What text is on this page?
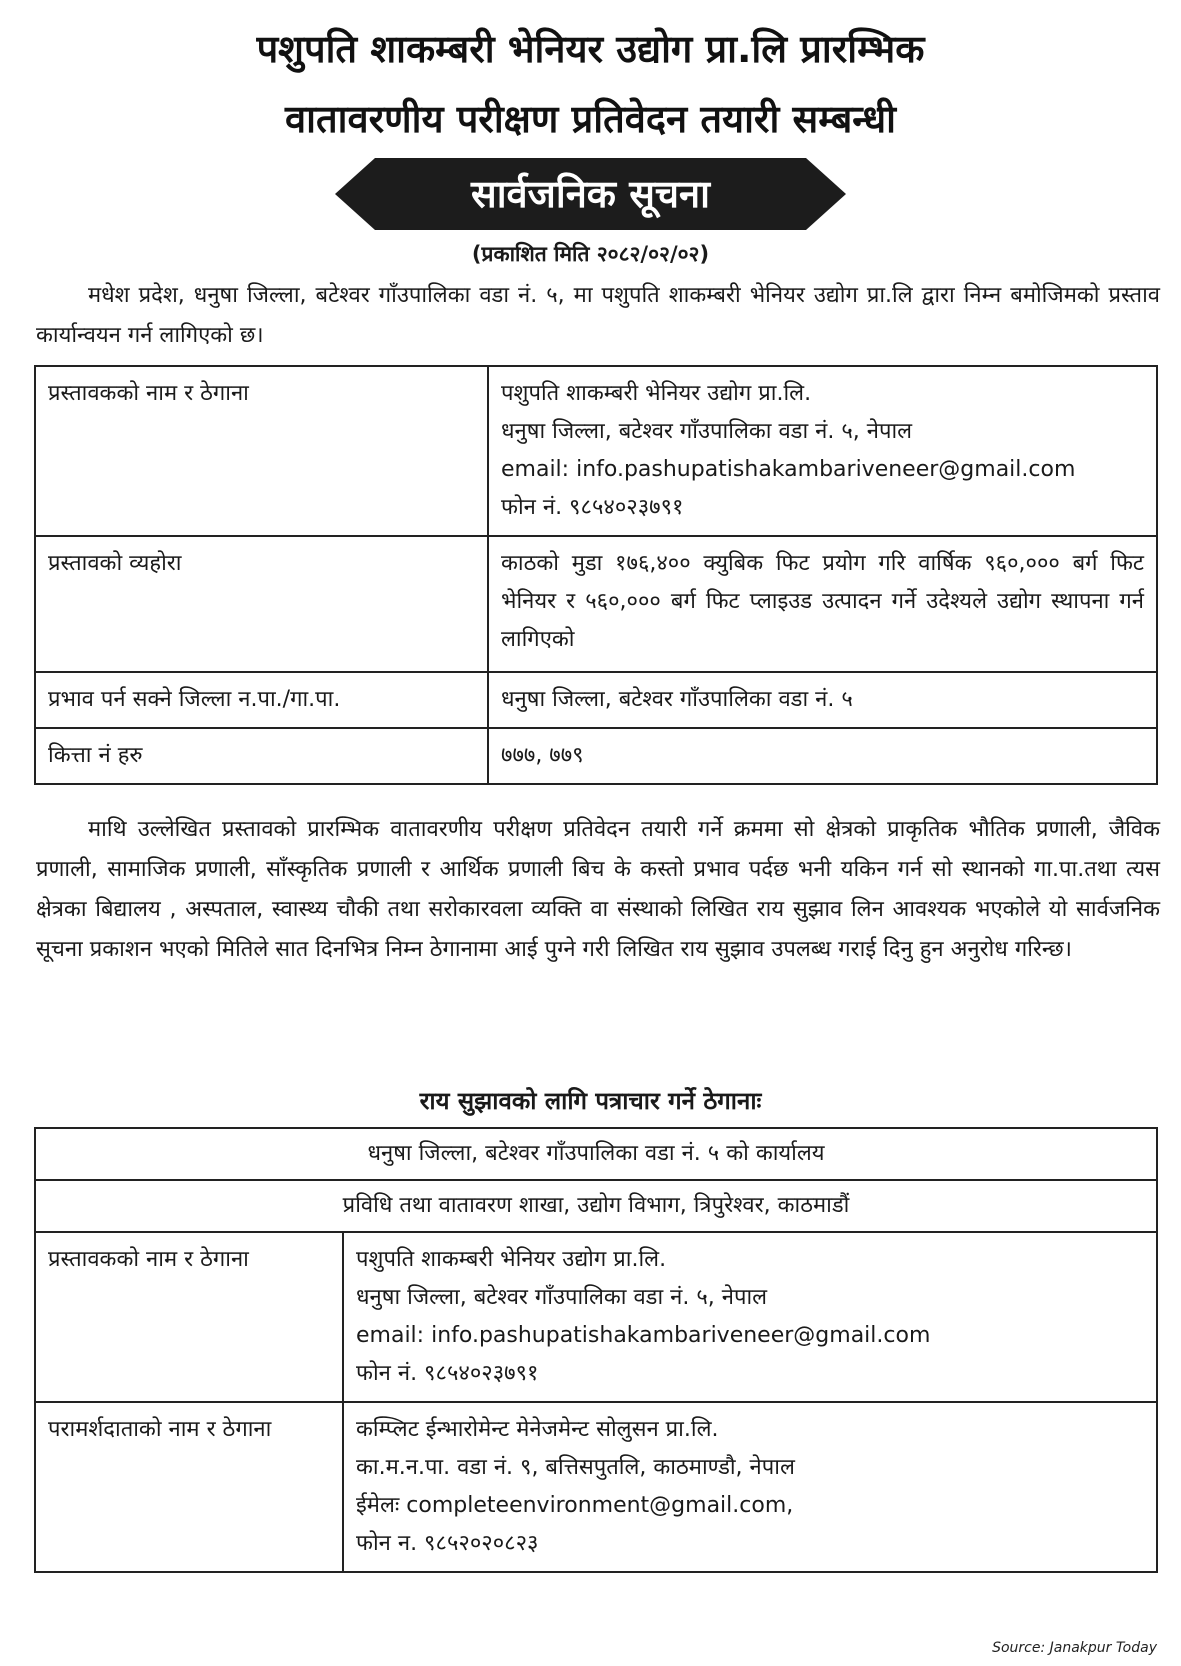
पशुपति शाकम्बरी भेनियर उद्योग प्रा.लि प्रारम्भिक
वातावरणीय परीक्षण प्रतिवेदन तयारी सम्बन्धी
सार्वजनिक सूचना
(प्रकाशित मिति २०८२/०२/०२)
मधेश प्रदेश, धनुषा जिल्ला, बटेश्वर गाँउपालिका वडा नं. ५, मा पशुपति शाकम्बरी भेनियर उद्योग प्रा.लि द्वारा निम्न बमोजिमको प्रस्ताव कार्यान्वयन गर्न लागिएको छ।
प्रस्तावकको नाम र ठेगाना	पशुपति शाकम्बरी भेनियर उद्योग प्रा.लि.
धनुषा जिल्ला, बटेश्वर गाँउपालिका वडा नं. ५, नेपाल
email: info.pashupatishakambariveneer@gmail.com
फोन नं. ९८५४०२३७९१

प्रस्तावको व्यहोरा	काठको मुडा १७६,४०० क्युबिक फिट प्रयोग गरि वार्षिक ९६०,००० बर्ग फिट भेनियर र ५६०,००० बर्ग फिट प्लाइउड उत्पादन गर्ने उदेश्यले उद्योग स्थापना गर्न लागिएको
प्रभाव पर्न सक्ने जिल्ला न.पा./गा.पा.	धनुषा जिल्ला, बटेश्वर गाँउपालिका वडा नं. ५
कित्ता नं हरु	७७७, ७७९
माथि उल्लेखित प्रस्तावको प्रारम्भिक वातावरणीय परीक्षण प्रतिवेदन तयारी गर्ने क्रममा सो क्षेत्रको प्राकृतिक भौतिक प्रणाली, जैविक प्रणाली, सामाजिक प्रणाली, साँस्कृतिक प्रणाली र आर्थिक प्रणाली बिच के कस्तो प्रभाव पर्दछ भनी यकिन गर्न सो स्थानको गा.पा.तथा त्यस क्षेत्रका बिद्यालय , अस्पताल, स्वास्थ्य चौकी तथा सरोकारवला व्यक्ति वा संस्थाको लिखित राय सुझाव लिन आवश्यक भएकोले यो सार्वजनिक सूचना प्रकाशन भएको मितिले सात दिनभित्र निम्न ठेगानामा आई पुग्ने गरी लिखित राय सुझाव उपलब्ध गराई दिनु हुन अनुरोध गरिन्छ।
राय सुझावको लागि पत्राचार गर्ने ठेगानाः
धनुषा जिल्ला, बटेश्वर गाँउपालिका वडा नं. ५ को कार्यालय	
प्रविधि तथा वातावरण शाखा, उद्योग विभाग, त्रिपुरेश्वर, काठमाडौं	
प्रस्तावकको नाम र ठेगाना	पशुपति शाकम्बरी भेनियर उद्योग प्रा.लि.
धनुषा जिल्ला, बटेश्वर गाँउपालिका वडा नं. ५, नेपाल
email: info.pashupatishakambariveneer@gmail.com
फोन नं. ९८५४०२३७९१

परामर्शदाताको नाम र ठेगाना	कम्प्लिट ईन्भारोमेन्ट मेनेजमेन्ट सोलुसन प्रा.लि.
का.म.न.पा. वडा नं. ९, बत्तिसपुतलि, काठमाण्डौ, नेपाल
ईमेलः completeenvironment@gmail.com,
फोन न. ९८५२०२०८२३
Source: Janakpur Today
